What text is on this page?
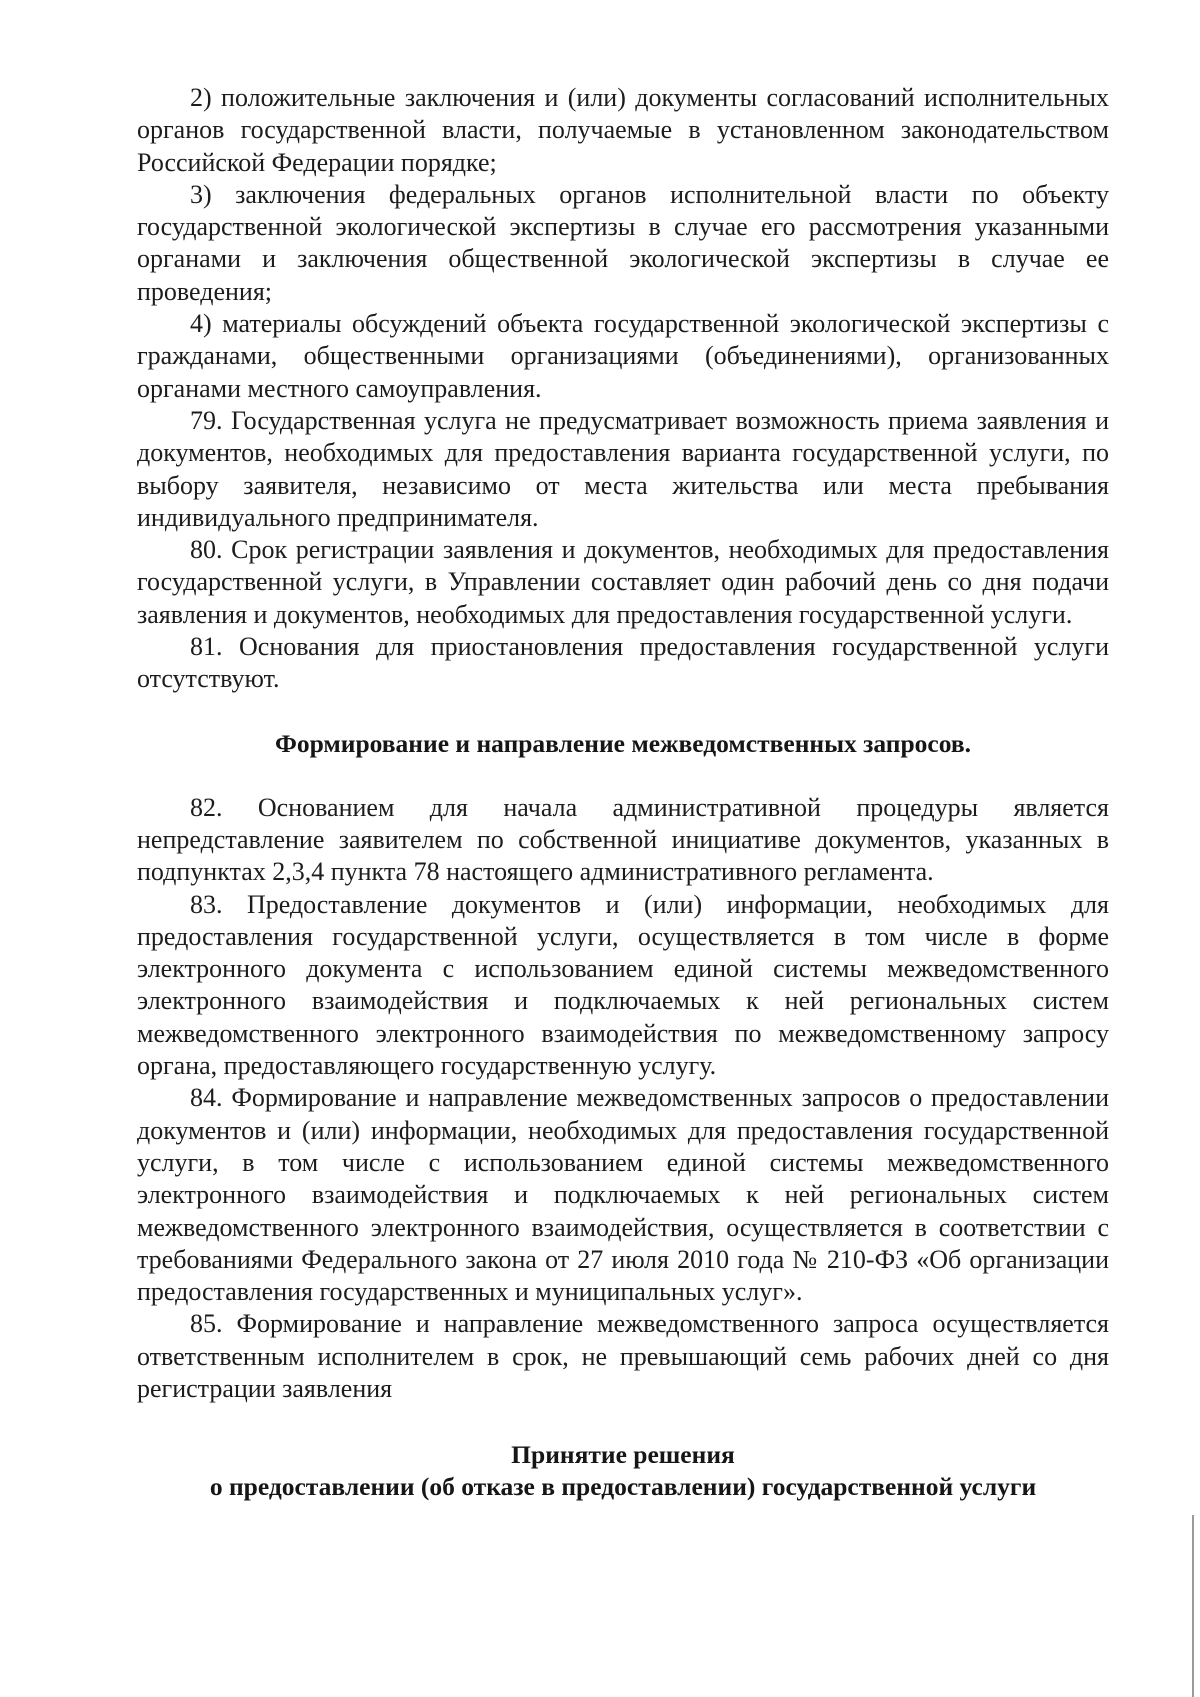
2) положительные заключения и (или) документы согласований исполнительных органов государственной власти, получаемые в установленном законодательством Российской Федерации порядке;

3) заключения федеральных органов исполнительной власти по объекту государственной экологической экспертизы в случае его рассмотрения указанными органами и заключения общественной экологической экспертизы в случае ее проведения;

4) материалы обсуждений объекта государственной экологической экспертизы с гражданами, общественными организациями (объединениями), организованных органами местного самоуправления.

79. Государственная услуга не предусматривает возможность приема заявления и документов, необходимых для предоставления варианта государственной услуги, по выбору заявителя, независимо от места жительства или места пребывания индивидуального предпринимателя.

80. Срок регистрации заявления и документов, необходимых для предоставления государственной услуги, в Управлении составляет один рабочий день со дня подачи заявления и документов, необходимых для предоставления государственной услуги.

81. Основания для приостановления предоставления государственной услуги отсутствуют.

Формирование и направление межведомственных запросов.

82. Основанием для начала административной процедуры является непредставление заявителем по собственной инициативе документов, указанных в подпунктах 2,3,4 пункта 78 настоящего административного регламента.

83. Предоставление документов и (или) информации, необходимых для предоставления государственной услуги, осуществляется в том числе в форме электронного документа с использованием единой системы межведомственного электронного взаимодействия и подключаемых к ней региональных систем межведомственного электронного взаимодействия по межведомственному запросу органа, предоставляющего государственную услугу.

84. Формирование и направление межведомственных запросов о предоставлении документов и (или) информации, необходимых для предоставления государственной услуги, в том числе с использованием единой системы межведомственного электронного взаимодействия и подключаемых к ней региональных систем межведомственного электронного взаимодействия, осуществляется в соответствии с требованиями Федерального закона от 27 июля 2010 года № 210-ФЗ «Об организации предоставления государственных и муниципальных услуг».

85. Формирование и направление межведомственного запроса осуществляется ответственным исполнителем в срок, не превышающий семь рабочих дней со дня регистрации заявления

Принятие решения
о предоставлении (об отказе в предоставлении) государственной услуги
